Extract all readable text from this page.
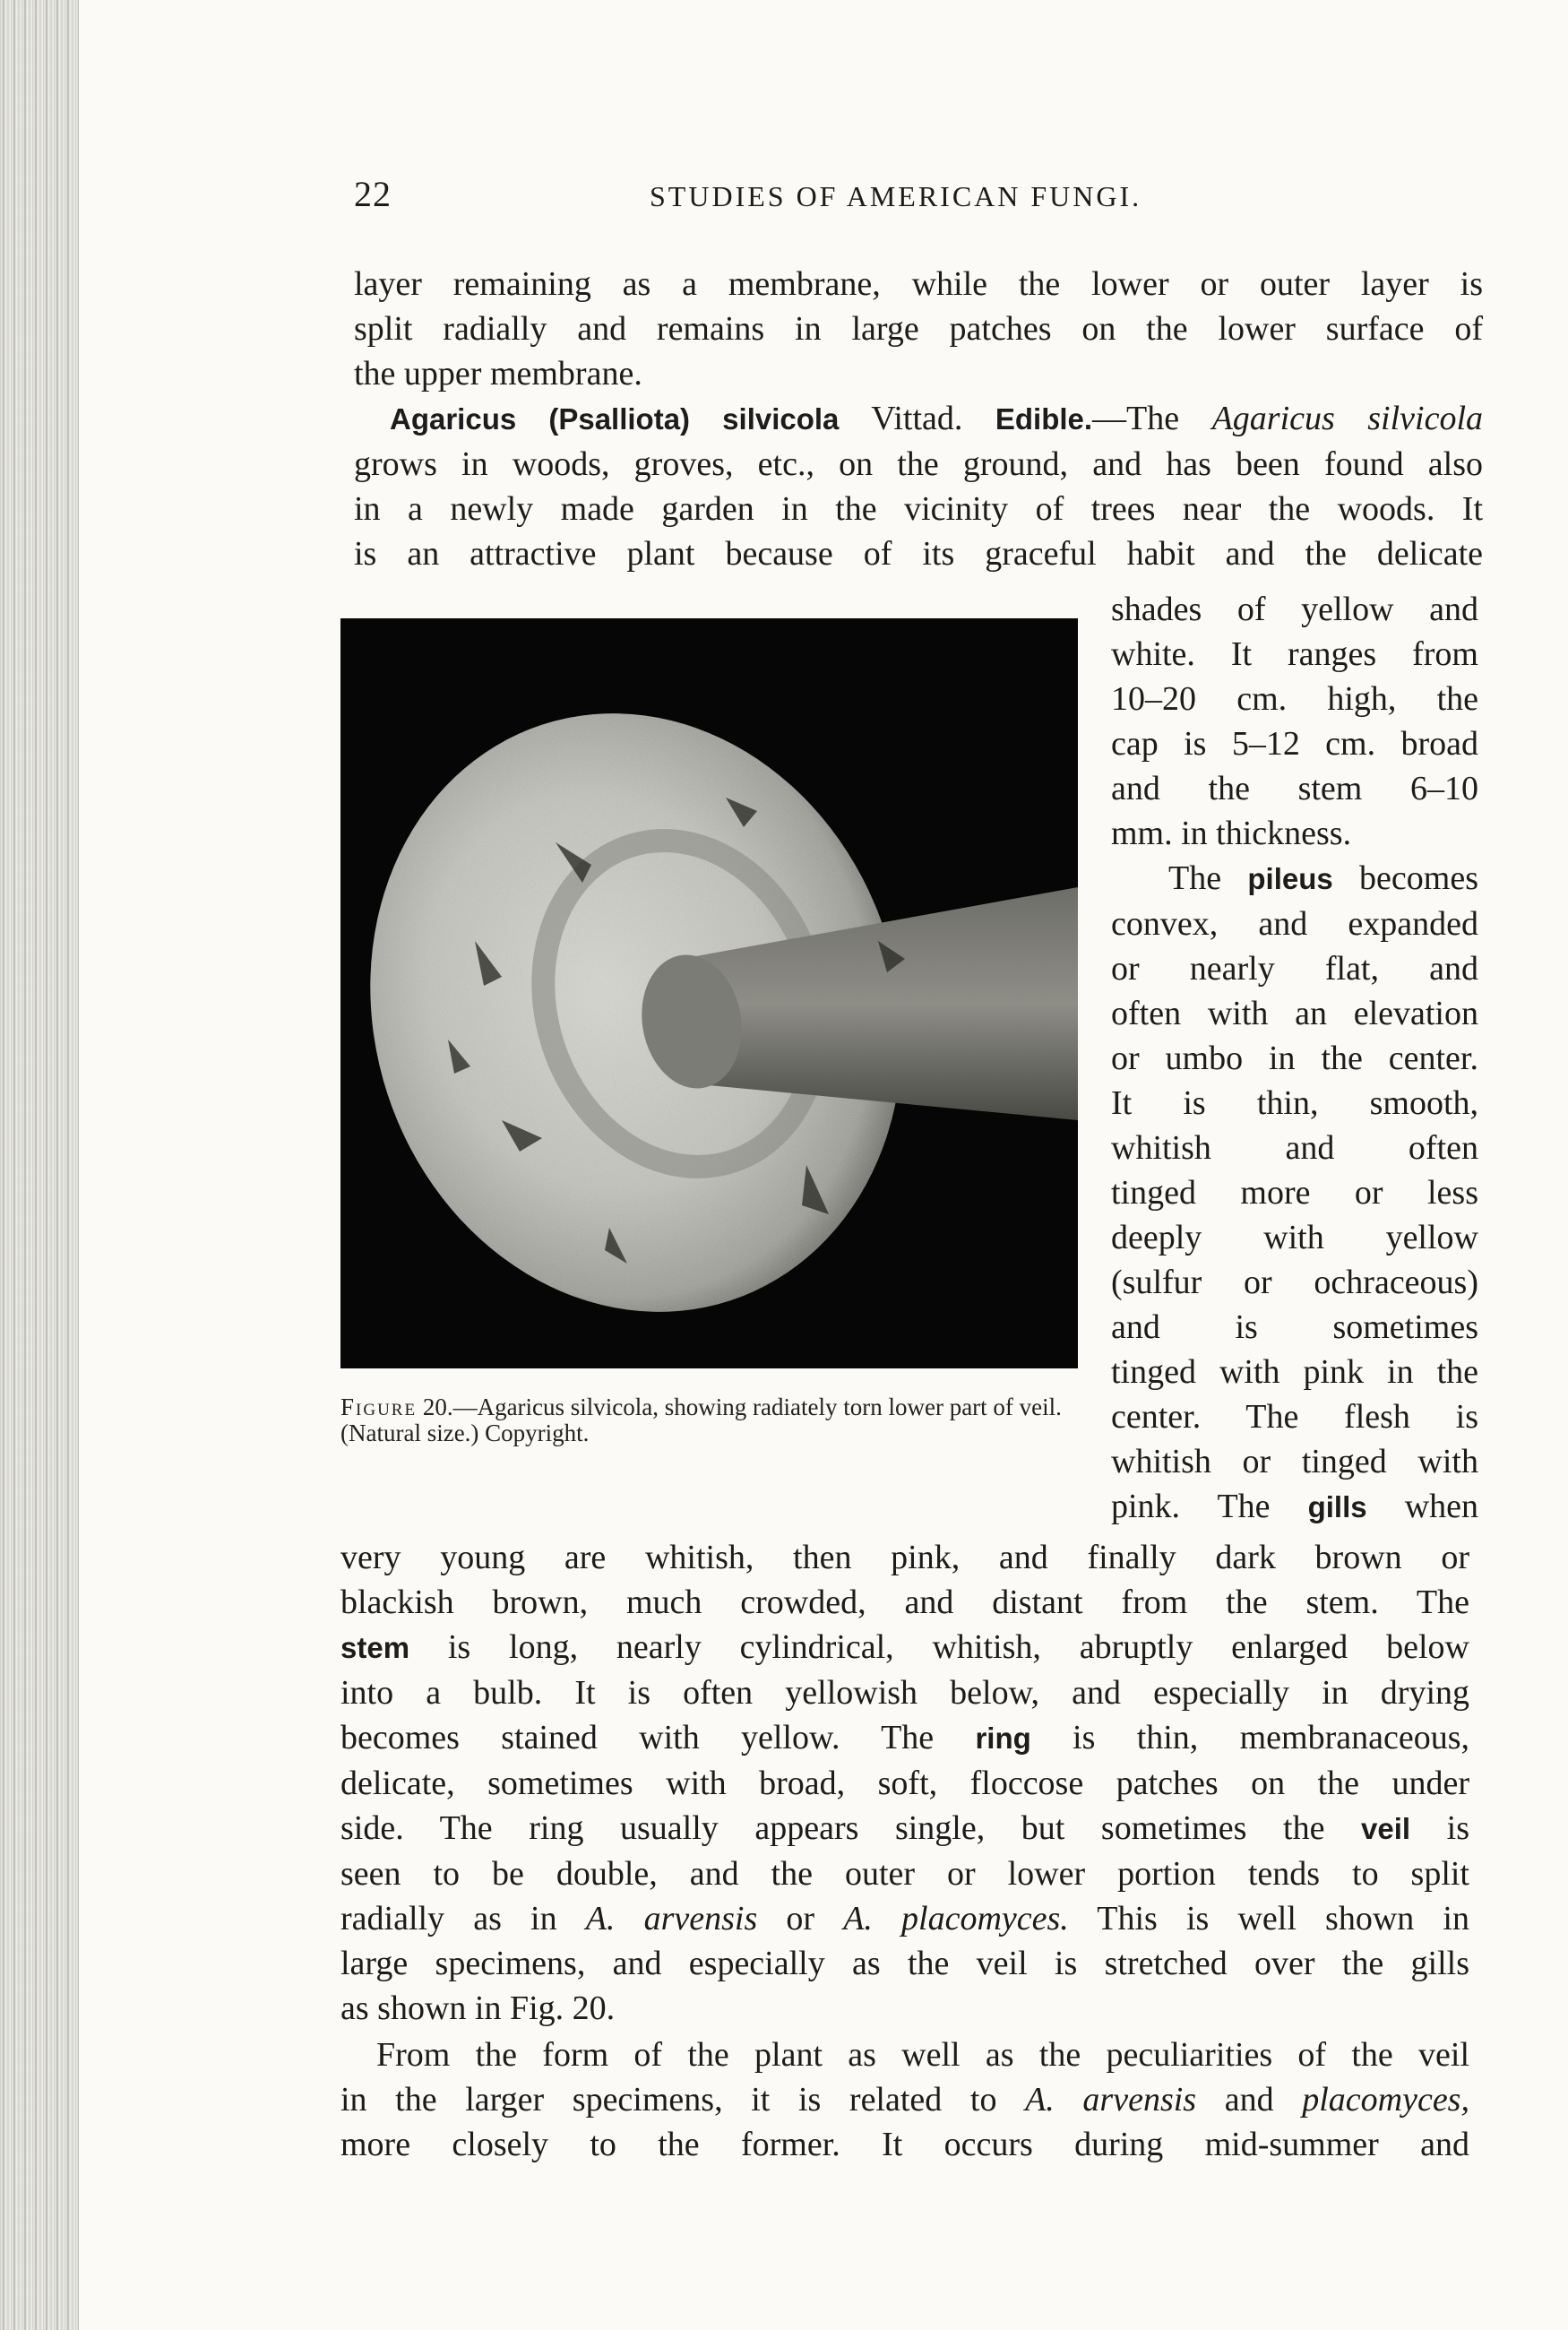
22	STUDIES OF AMERICAN FUNGI.
layer remaining as a membrane, while the lower or outer layer is
split radially and remains in large patches on the lower surface of
the upper membrane.
Agaricus (Psalliota) silvicola Vittad. Edible.—The Agaricus silvicola
grows in woods, groves, etc., on the ground, and has been found also
in a newly made garden in the vicinity of trees near the woods. It
is an attractive plant because of its graceful habit and the delicate
Figure 20.—Agaricus silvicola, showing radiately torn lower part of veil. (Natural size.) Copyright.
shades of yellow and
white. It ranges from
10–20 cm. high, the
cap is 5–12 cm. broad
and the stem 6–10
mm. in thickness.
The pileus becomes
convex, and expanded
or nearly flat, and
often with an elevation
or umbo in the center.
It is thin, smooth,
whitish and often
tinged more or less
deeply with yellow
(sulfur or ochraceous)
and is sometimes
tinged with pink in the
center. The flesh is
whitish or tinged with
pink. The gills when
very young are whitish, then pink, and finally dark brown or
blackish brown, much crowded, and distant from the stem. The
stem is long, nearly cylindrical, whitish, abruptly enlarged below
into a bulb. It is often yellowish below, and especially in drying
becomes stained with yellow. The ring is thin, membranaceous,
delicate, sometimes with broad, soft, floccose patches on the under
side. The ring usually appears single, but sometimes the veil is
seen to be double, and the outer or lower portion tends to split
radially as in A. arvensis or A. placomyces. This is well shown in
large specimens, and especially as the veil is stretched over the gills
as shown in Fig. 20.
From the form of the plant as well as the peculiarities of the veil
in the larger specimens, it is related to A. arvensis and placomyces,
more closely to the former. It occurs during mid-summer and
